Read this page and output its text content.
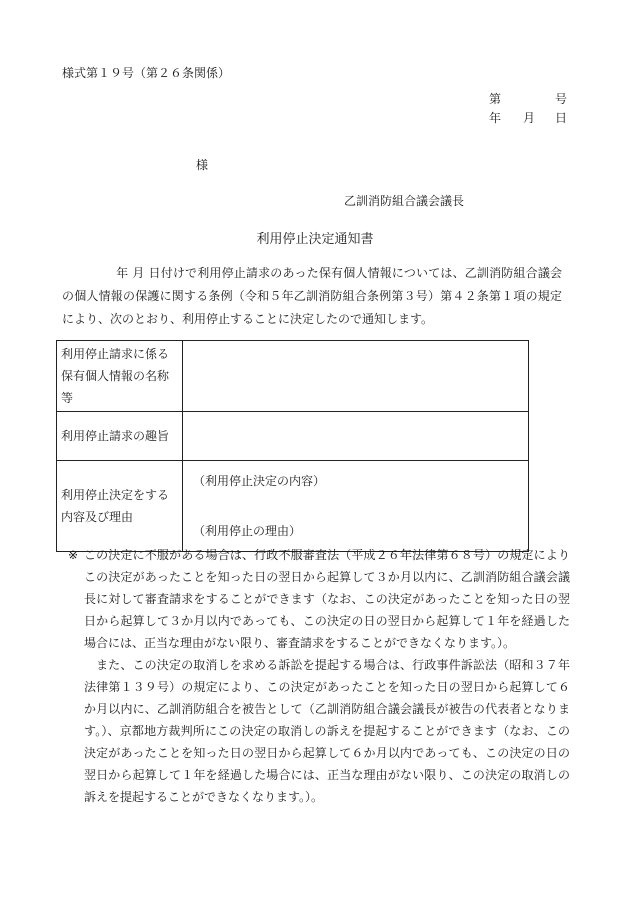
様式第１９号（第２６条関係）
第	号
年 月 日
様
乙訓消防組合議会議長
利用停止決定通知書
年 月 日付けで利用停止請求のあった保有個人情報については、乙訓消防組合議会の個人情報の保護に関する条例（令和５年乙訓消防組合条例第３号）第４２条第１項の規定により、次のとおり、利用停止することに決定したので通知します。
利用停止請求に係る保有個人情報の名称等	
利用停止請求の趣旨	
利用停止決定をする内容及び理由	（利用停止決定の内容）
（利用停止の理由）
※ この決定に不服がある場合は、行政不服審査法（平成２６年法律第６８号）の規定によりこの決定があったことを知った日の翌日から起算して３か月以内に、乙訓消防組合議会議長に対して審査請求をすることができます（なお、この決定があったことを知った日の翌日から起算して３か月以内であっても、この決定の日の翌日から起算して１年を経過した場合には、正当な理由がない限り、審査請求をすることができなくなります。）。
また、この決定の取消しを求める訴訟を提起する場合は、行政事件訴訟法（昭和３７年法律第１３９号）の規定により、この決定があったことを知った日の翌日から起算して６か月以内に、乙訓消防組合を被告として（乙訓消防組合議会議長が被告の代表者となります。）、京都地方裁判所にこの決定の取消しの訴えを提起することができます（なお、この決定があったことを知った日の翌日から起算して６か月以内であっても、この決定の日の翌日から起算して１年を経過した場合には、正当な理由がない限り、この決定の取消しの訴えを提起することができなくなります。）。
